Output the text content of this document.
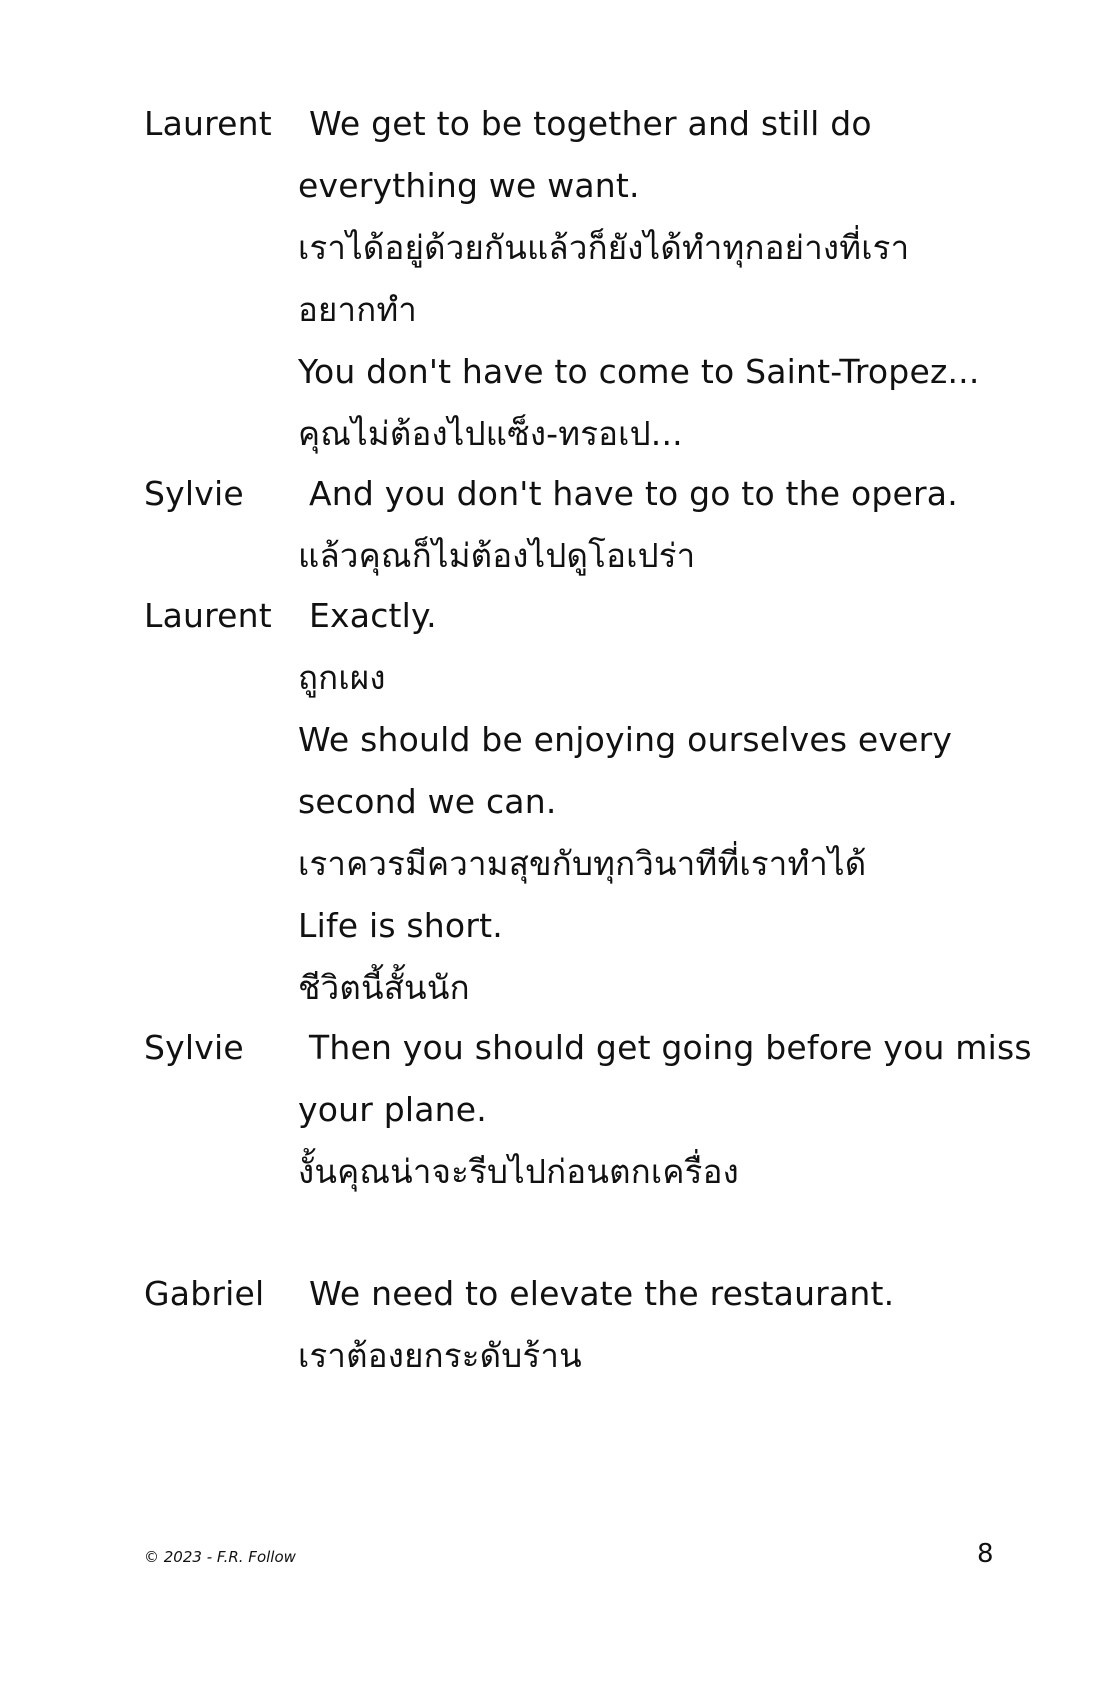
Laurent We get to be together and still do
everything we want.
เราได้อยู่ด้วยกันแล้วก็ยังได้ทำทุกอย่างที่เรา
อยากทำ
You don't have to come to Saint-Tropez...
คุณไม่ต้องไปแซ็ง-ทรอเป...
Sylvie And you don't have to go to the opera.
แล้วคุณก็ไม่ต้องไปดูโอเปร่า
Laurent Exactly.
ถูกเผง
We should be enjoying ourselves every
second we can.
เราควรมีความสุขกับทุกวินาทีที่เราทำได้
Life is short.
ชีวิตนี้สั้นนัก
Sylvie Then you should get going before you miss
your plane.
งั้นคุณน่าจะรีบไปก่อนตกเครื่อง
Gabriel We need to elevate the restaurant.
เราต้องยกระดับร้าน
© 2023 - F.R. Follow	8
